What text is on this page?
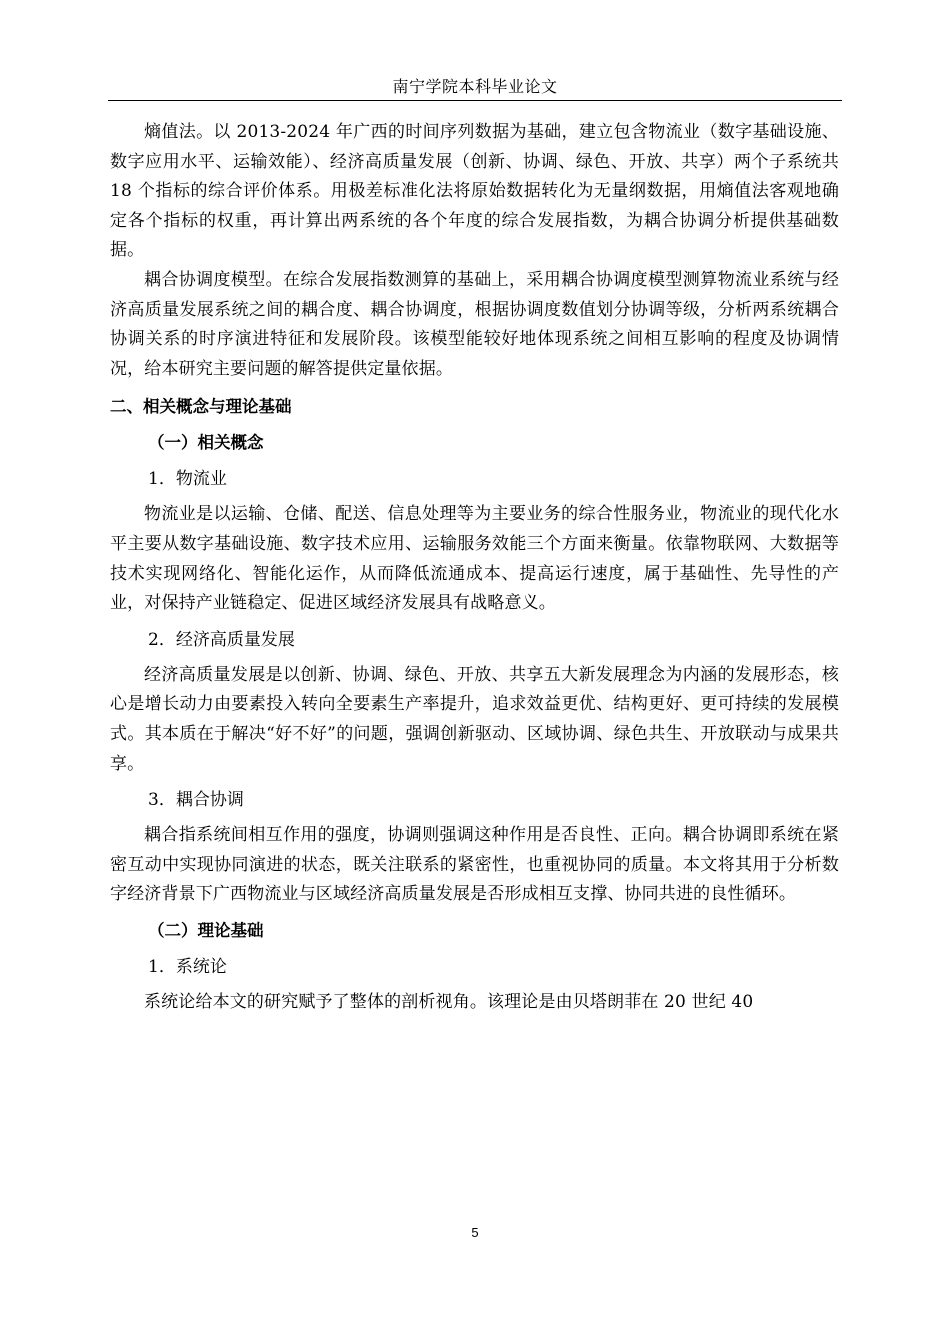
南宁学院本科毕业论文

熵值法。以 2013-2024 年广西的时间序列数据为基础，建立包含物流业（数字基础设施、数字应用水平、运输效能）、经济高质量发展（创新、协调、绿色、开放、共享）两个子系统共 18 个指标的综合评价体系。用极差标准化法将原始数据转化为无量纲数据，用熵值法客观地确定各个指标的权重，再计算出两系统的各个年度的综合发展指数，为耦合协调分析提供基础数据。

耦合协调度模型。在综合发展指数测算的基础上，采用耦合协调度模型测算物流业系统与经济高质量发展系统之间的耦合度、耦合协调度，根据协调度数值划分协调等级，分析两系统耦合协调关系的时序演进特征和发展阶段。该模型能较好地体现系统之间相互影响的程度及协调情况，给本研究主要问题的解答提供定量依据。

二、相关概念与理论基础
（一）相关概念
1．物流业

物流业是以运输、仓储、配送、信息处理等为主要业务的综合性服务业，物流业的现代化水平主要从数字基础设施、数字技术应用、运输服务效能三个方面来衡量。依靠物联网、大数据等技术实现网络化、智能化运作，从而降低流通成本、提高运行速度，属于基础性、先导性的产业，对保持产业链稳定、促进区域经济发展具有战略意义。

2．经济高质量发展

经济高质量发展是以创新、协调、绿色、开放、共享五大新发展理念为内涵的发展形态，核心是增长动力由要素投入转向全要素生产率提升，追求效益更优、结构更好、更可持续的发展模式。其本质在于解决“好不好”的问题，强调创新驱动、区域协调、绿色共生、开放联动与成果共享。

3．耦合协调

耦合指系统间相互作用的强度，协调则强调这种作用是否良性、正向。耦合协调即系统在紧密互动中实现协同演进的状态，既关注联系的紧密性，也重视协同的质量。本文将其用于分析数字经济背景下广西物流业与区域经济高质量发展是否形成相互支撑、协同共进的良性循环。

（二）理论基础
1．系统论

系统论给本文的研究赋予了整体的剖析视角。该理论是由贝塔朗菲在 20 世纪 40

5
